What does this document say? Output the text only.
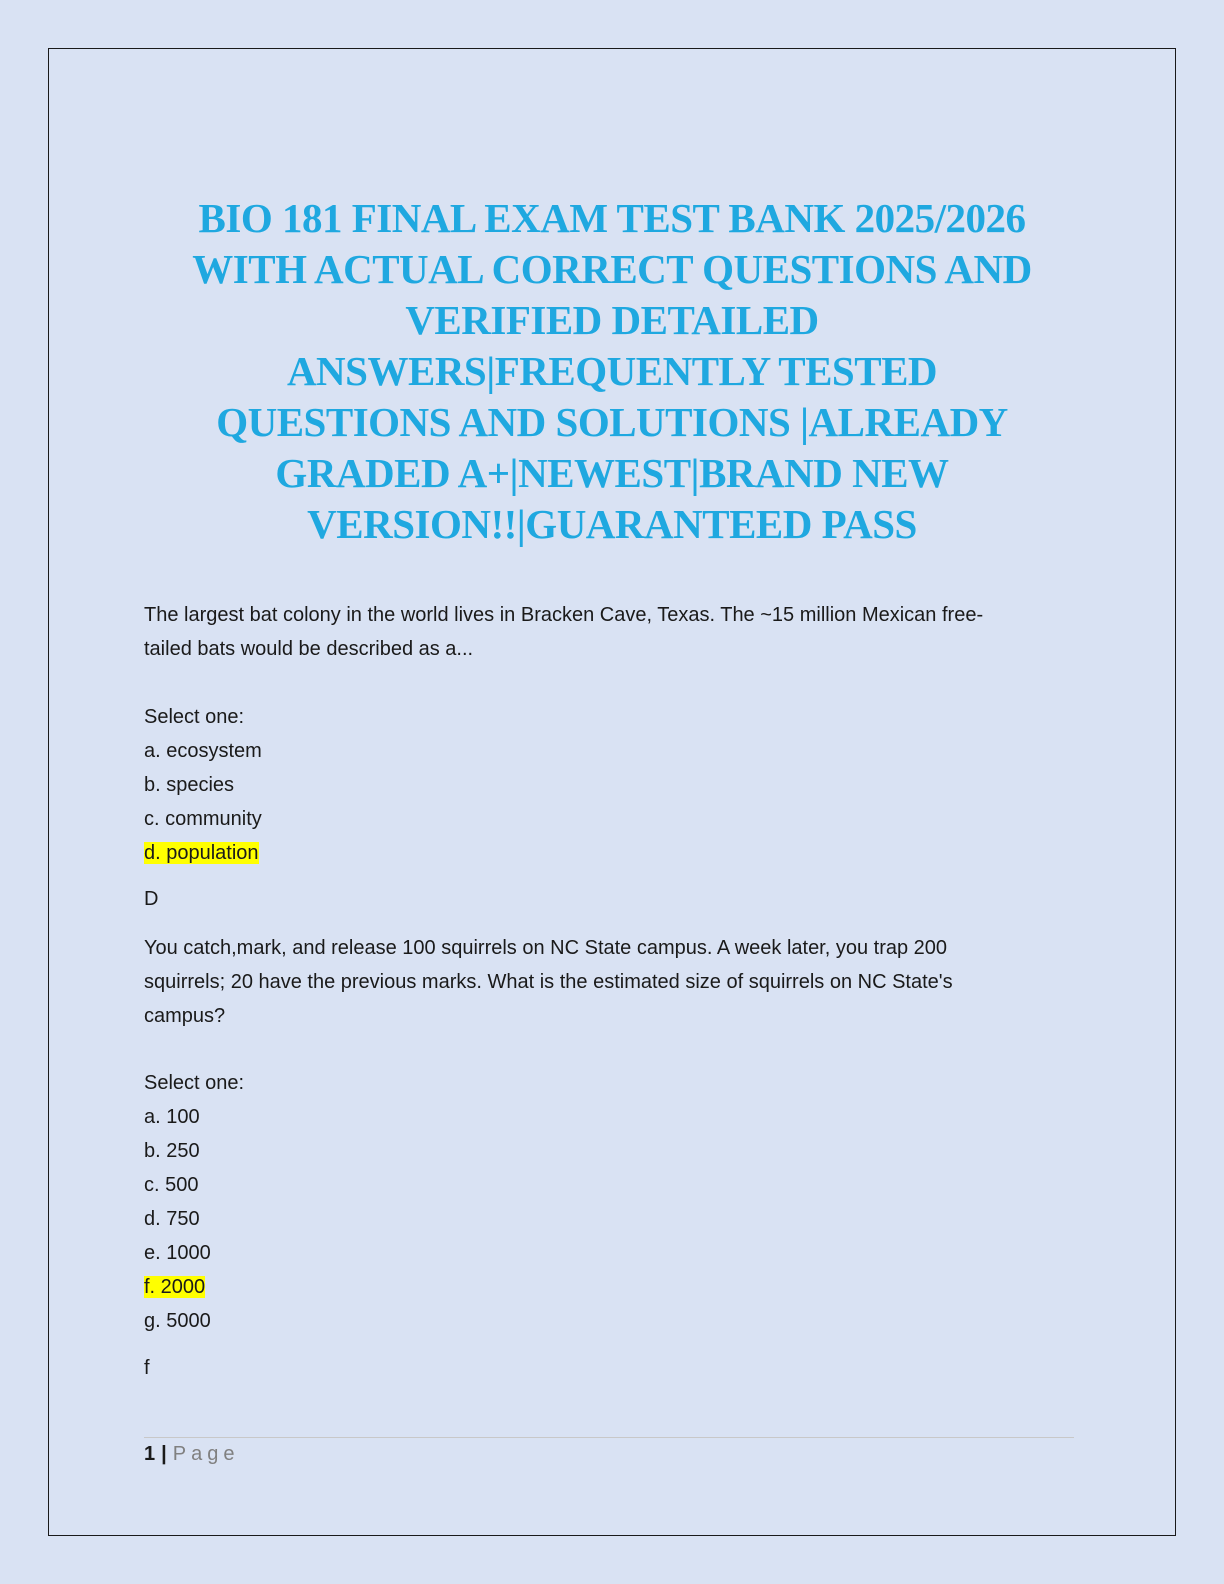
BIO 181 FINAL EXAM TEST BANK 2025/2026
WITH ACTUAL CORRECT QUESTIONS AND
VERIFIED DETAILED
ANSWERS|FREQUENTLY TESTED
QUESTIONS AND SOLUTIONS |ALREADY
GRADED A+|NEWEST|BRAND NEW
VERSION!!|GUARANTEED PASS
The largest bat colony in the world lives in Bracken Cave, Texas. The ~15 million Mexican free-
tailed bats would be described as a...
Select one:
a. ecosystem
b. species
c. community
d. population
D
You catch,mark, and release 100 squirrels on NC State campus. A week later, you trap 200
squirrels; 20 have the previous marks. What is the estimated size of squirrels on NC State's
campus?
Select one:
a. 100
b. 250
c. 500
d. 750
e. 1000
f. 2000
g. 5000
f
1 | Page
